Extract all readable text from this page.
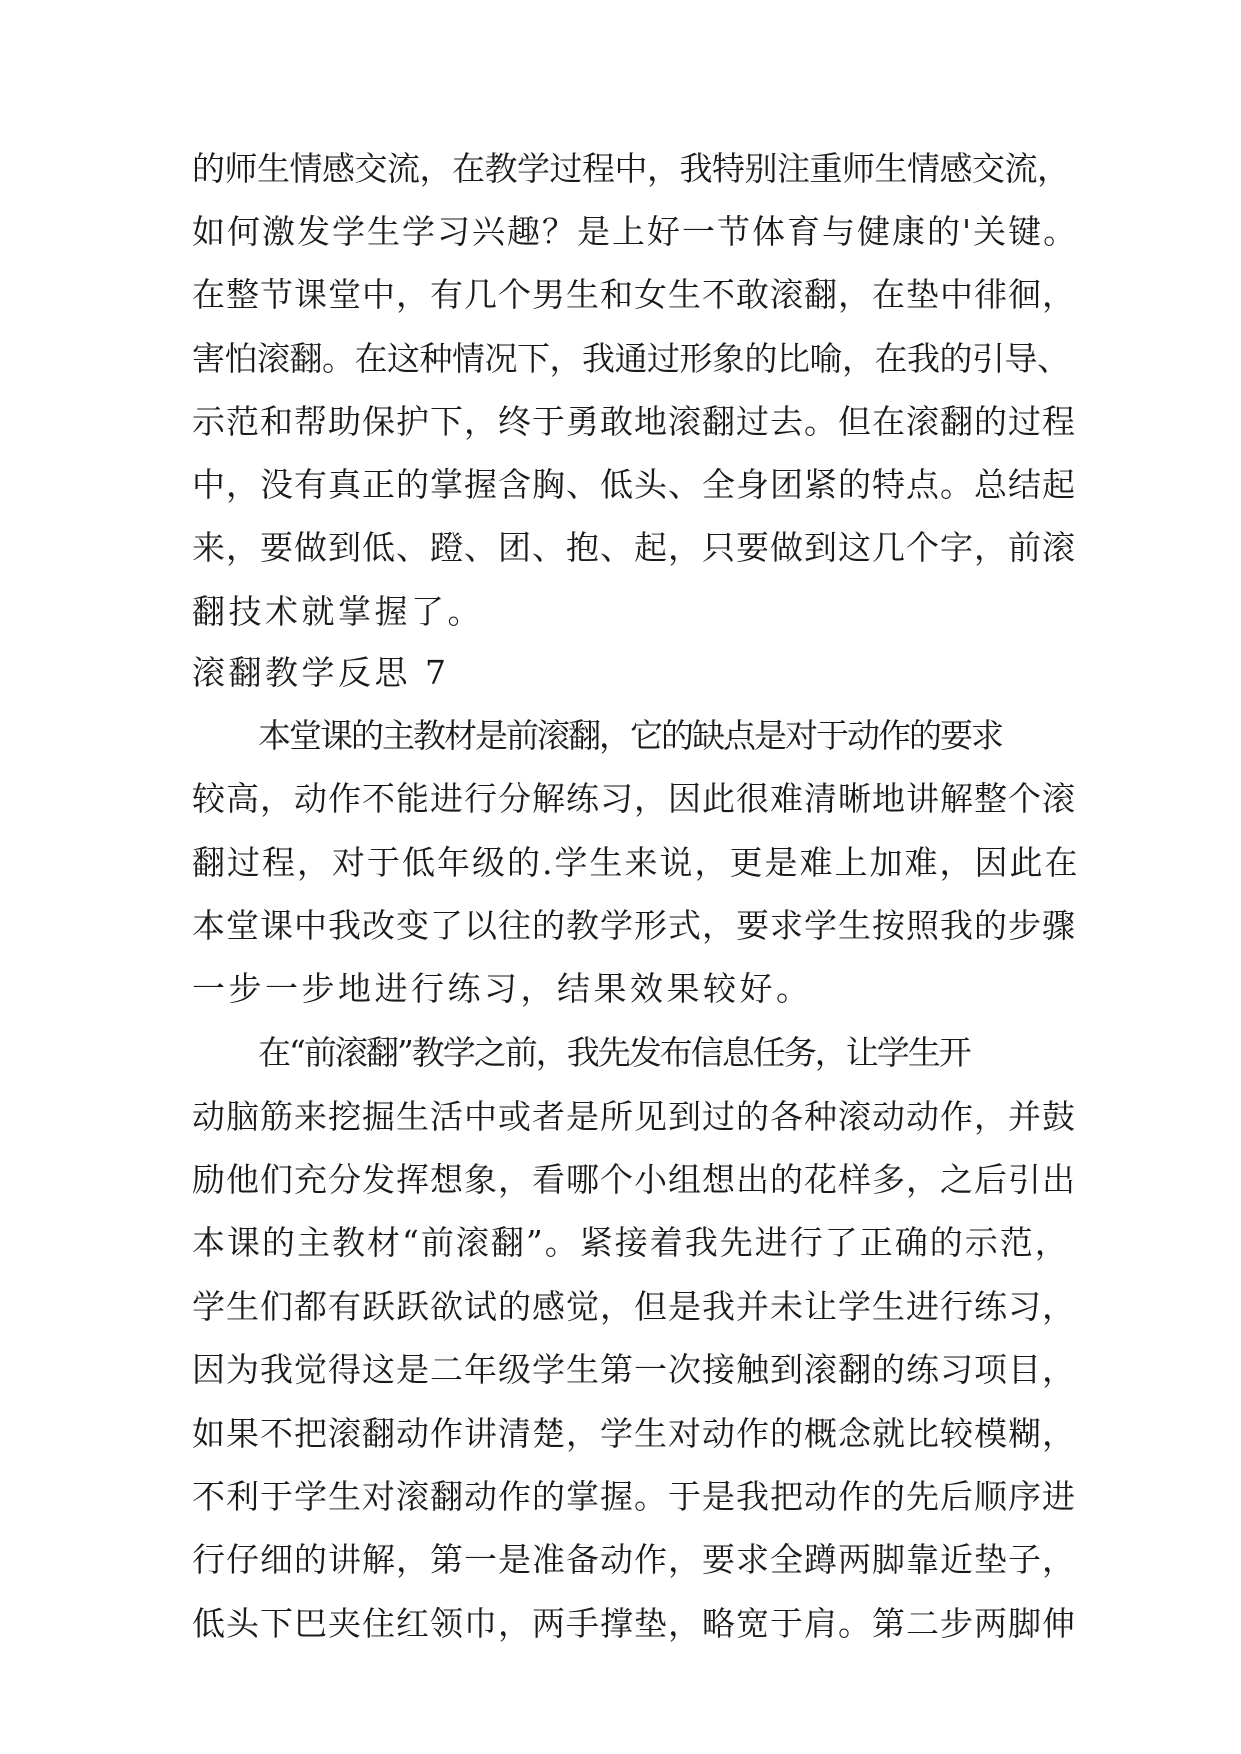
的师生情感交流，在教学过程中，我特别注重师生情感交流，
如何激发学生学习兴趣？是上好一节体育与健康的'关键。
在整节课堂中，有几个男生和女生不敢滚翻，在垫中徘徊，
害怕滚翻。在这种情况下，我通过形象的比喻，在我的引导、
示范和帮助保护下，终于勇敢地滚翻过去。但在滚翻的过程
中，没有真正的掌握含胸、低头、全身团紧的特点。总结起
来，要做到低、蹬、团、抱、起，只要做到这几个字，前滚
翻技术就掌握了。
滚翻教学反思 7
本堂课的主教材是前滚翻，它的缺点是对于动作的要求
较高，动作不能进行分解练习，因此很难清晰地讲解整个滚
翻过程，对于低年级的.学生来说，更是难上加难，因此在
本堂课中我改变了以往的教学形式，要求学生按照我的步骤
一步一步地进行练习，结果效果较好。
在“前滚翻”教学之前，我先发布信息任务，让学生开
动脑筋来挖掘生活中或者是所见到过的各种滚动动作，并鼓
励他们充分发挥想象，看哪个小组想出的花样多，之后引出
本课的主教材“前滚翻”。紧接着我先进行了正确的示范，
学生们都有跃跃欲试的感觉，但是我并未让学生进行练习，
因为我觉得这是二年级学生第一次接触到滚翻的练习项目，
如果不把滚翻动作讲清楚，学生对动作的概念就比较模糊，
不利于学生对滚翻动作的掌握。于是我把动作的先后顺序进
行仔细的讲解，第一是准备动作，要求全蹲两脚靠近垫子，
低头下巴夹住红领巾，两手撑垫，略宽于肩。第二步两脚伸
